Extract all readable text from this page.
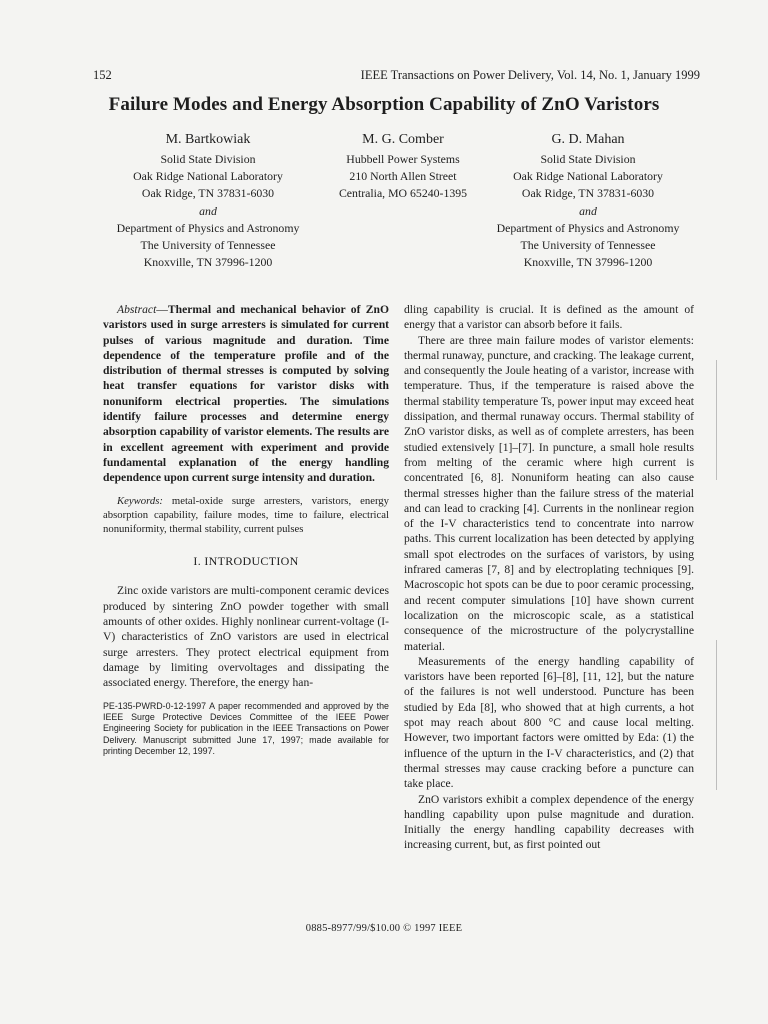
152	IEEE Transactions on Power Delivery, Vol. 14, No. 1, January 1999
Failure Modes and Energy Absorption Capability of ZnO Varistors
M. Bartkowiak
Solid State Division
Oak Ridge National Laboratory
Oak Ridge, TN 37831-6030
and
Department of Physics and Astronomy
The University of Tennessee
Knoxville, TN 37996-1200
M. G. Comber
Hubbell Power Systems
210 North Allen Street
Centralia, MO 65240-1395
G. D. Mahan
Solid State Division
Oak Ridge National Laboratory
Oak Ridge, TN 37831-6030
and
Department of Physics and Astronomy
The University of Tennessee
Knoxville, TN 37996-1200

Abstract—Thermal and mechanical behavior of ZnO varistors used in surge arresters is simulated for current pulses of various magnitude and duration. Time dependence of the temperature profile and of the distribution of thermal stresses is computed by solving heat transfer equations for varistor disks with nonuniform electrical properties. The simulations identify failure processes and determine energy absorption capability of varistor elements. The results are in excellent agreement with experiment and provide fundamental explanation of the energy handling dependence upon current surge intensity and duration.

Keywords: metal-oxide surge arresters, varistors, energy absorption capability, failure modes, time to failure, electrical nonuniformity, thermal stability, current pulses

I. INTRODUCTION

Zinc oxide varistors are multi-component ceramic devices produced by sintering ZnO powder together with small amounts of other oxides. Highly nonlinear current-voltage (I-V) characteristics of ZnO varistors are used in electrical surge arresters. They protect electrical equipment from damage by limiting overvoltages and dissipating the associated energy. Therefore, the energy han-

PE-135-PWRD-0-12-1997 A paper recommended and approved by the IEEE Surge Protective Devices Committee of the IEEE Power Engineering Society for publication in the IEEE Transactions on Power Delivery. Manuscript submitted June 17, 1997; made available for printing December 12, 1997.

dling capability is crucial. It is defined as the amount of energy that a varistor can absorb before it fails.

There are three main failure modes of varistor elements: thermal runaway, puncture, and cracking. The leakage current, and consequently the Joule heating of a varistor, increase with temperature. Thus, if the temperature is raised above the thermal stability temperature Ts, power input may exceed heat dissipation, and thermal runaway occurs. Thermal stability of ZnO varistor disks, as well as of complete arresters, has been studied extensively [1]–[7]. In puncture, a small hole results from melting of the ceramic where high current is concentrated [6, 8]. Nonuniform heating can also cause thermal stresses higher than the failure stress of the material and can lead to cracking [4]. Currents in the nonlinear region of the I-V characteristics tend to concentrate into narrow paths. This current localization has been detected by applying small spot electrodes on the surfaces of varistors, by using infrared cameras [7, 8] and by electroplating techniques [9]. Macroscopic hot spots can be due to poor ceramic processing, and recent computer simulations [10] have shown current localization on the microscopic scale, as a statistical consequence of the microstructure of the polycrystalline material.

Measurements of the energy handling capability of varistors have been reported [6]–[8], [11, 12], but the nature of the failures is not well understood. Puncture has been studied by Eda [8], who showed that at high currents, a hot spot may reach about 800 °C and cause local melting. However, two important factors were omitted by Eda: (1) the influence of the upturn in the I-V characteristics, and (2) that thermal stresses may cause cracking before a puncture can take place.

ZnO varistors exhibit a complex dependence of the energy handling capability upon pulse magnitude and duration. Initially the energy handling capability decreases with increasing current, but, as first pointed out

0885-8977/99/$10.00 © 1997 IEEE
